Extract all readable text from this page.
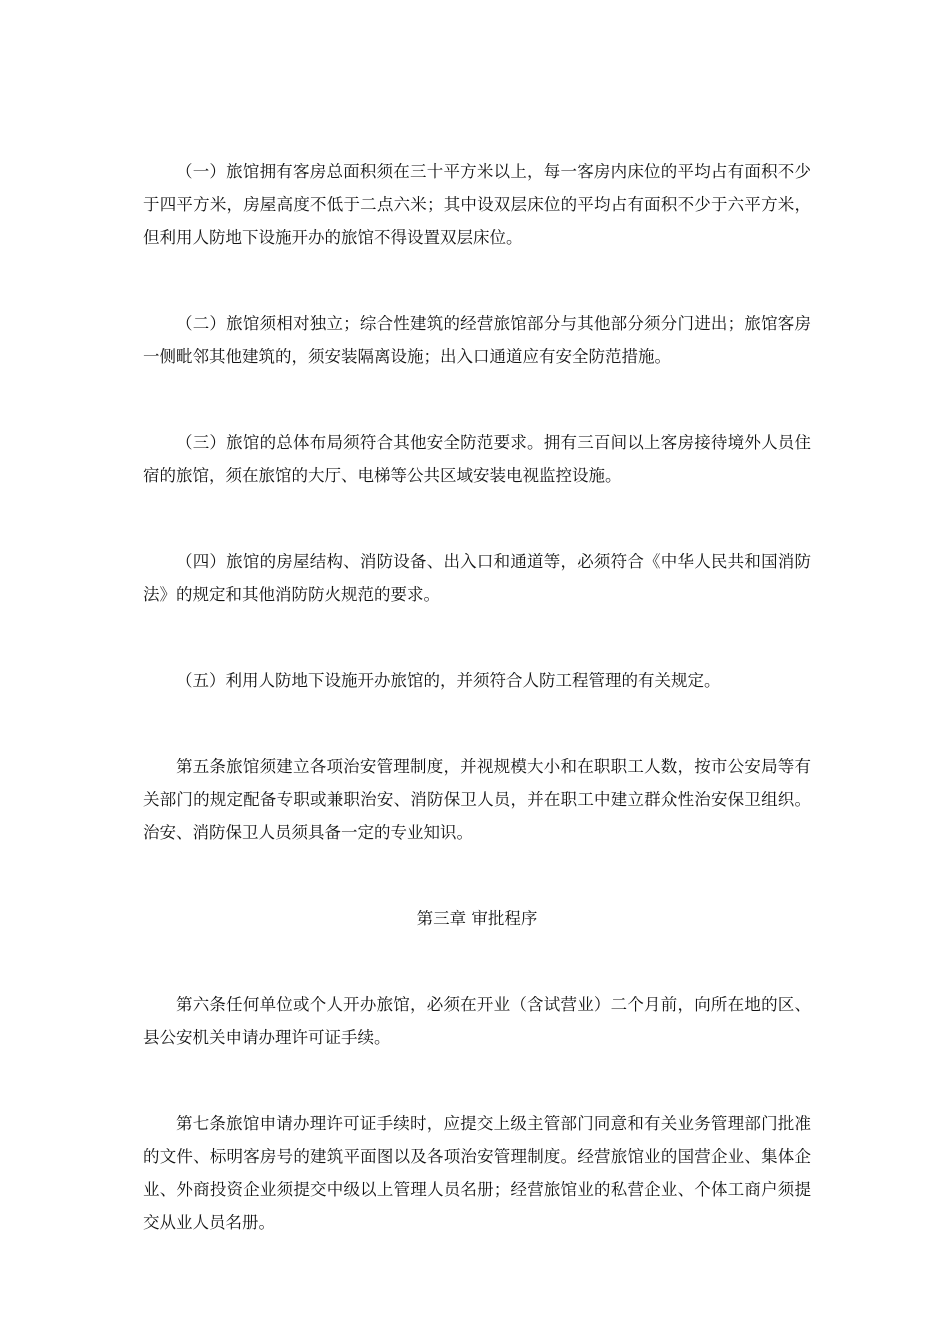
（一）旅馆拥有客房总面积须在三十平方米以上，每一客房内床位的平均占有面积不少于四平方米，房屋高度不低于二点六米；其中设双层床位的平均占有面积不少于六平方米，但利用人防地下设施开办的旅馆不得设置双层床位。

（二）旅馆须相对独立；综合性建筑的经营旅馆部分与其他部分须分门进出；旅馆客房一侧毗邻其他建筑的，须安装隔离设施；出入口通道应有安全防范措施。

（三）旅馆的总体布局须符合其他安全防范要求。拥有三百间以上客房接待境外人员住宿的旅馆，须在旅馆的大厅、电梯等公共区域安装电视监控设施。

（四）旅馆的房屋结构、消防设备、出入口和通道等，必须符合《中华人民共和国消防法》的规定和其他消防防火规范的要求。

（五）利用人防地下设施开办旅馆的，并须符合人防工程管理的有关规定。

第五条旅馆须建立各项治安管理制度，并视规模大小和在职职工人数，按市公安局等有关部门的规定配备专职或兼职治安、消防保卫人员，并在职工中建立群众性治安保卫组织。治安、消防保卫人员须具备一定的专业知识。

第三章 审批程序

第六条任何单位或个人开办旅馆，必须在开业（含试营业）二个月前，向所在地的区、县公安机关申请办理许可证手续。

第七条旅馆申请办理许可证手续时，应提交上级主管部门同意和有关业务管理部门批准的文件、标明客房号的建筑平面图以及各项治安管理制度。经营旅馆业的国营企业、集体企业、外商投资企业须提交中级以上管理人员名册；经营旅馆业的私营企业、个体工商户须提交从业人员名册。
